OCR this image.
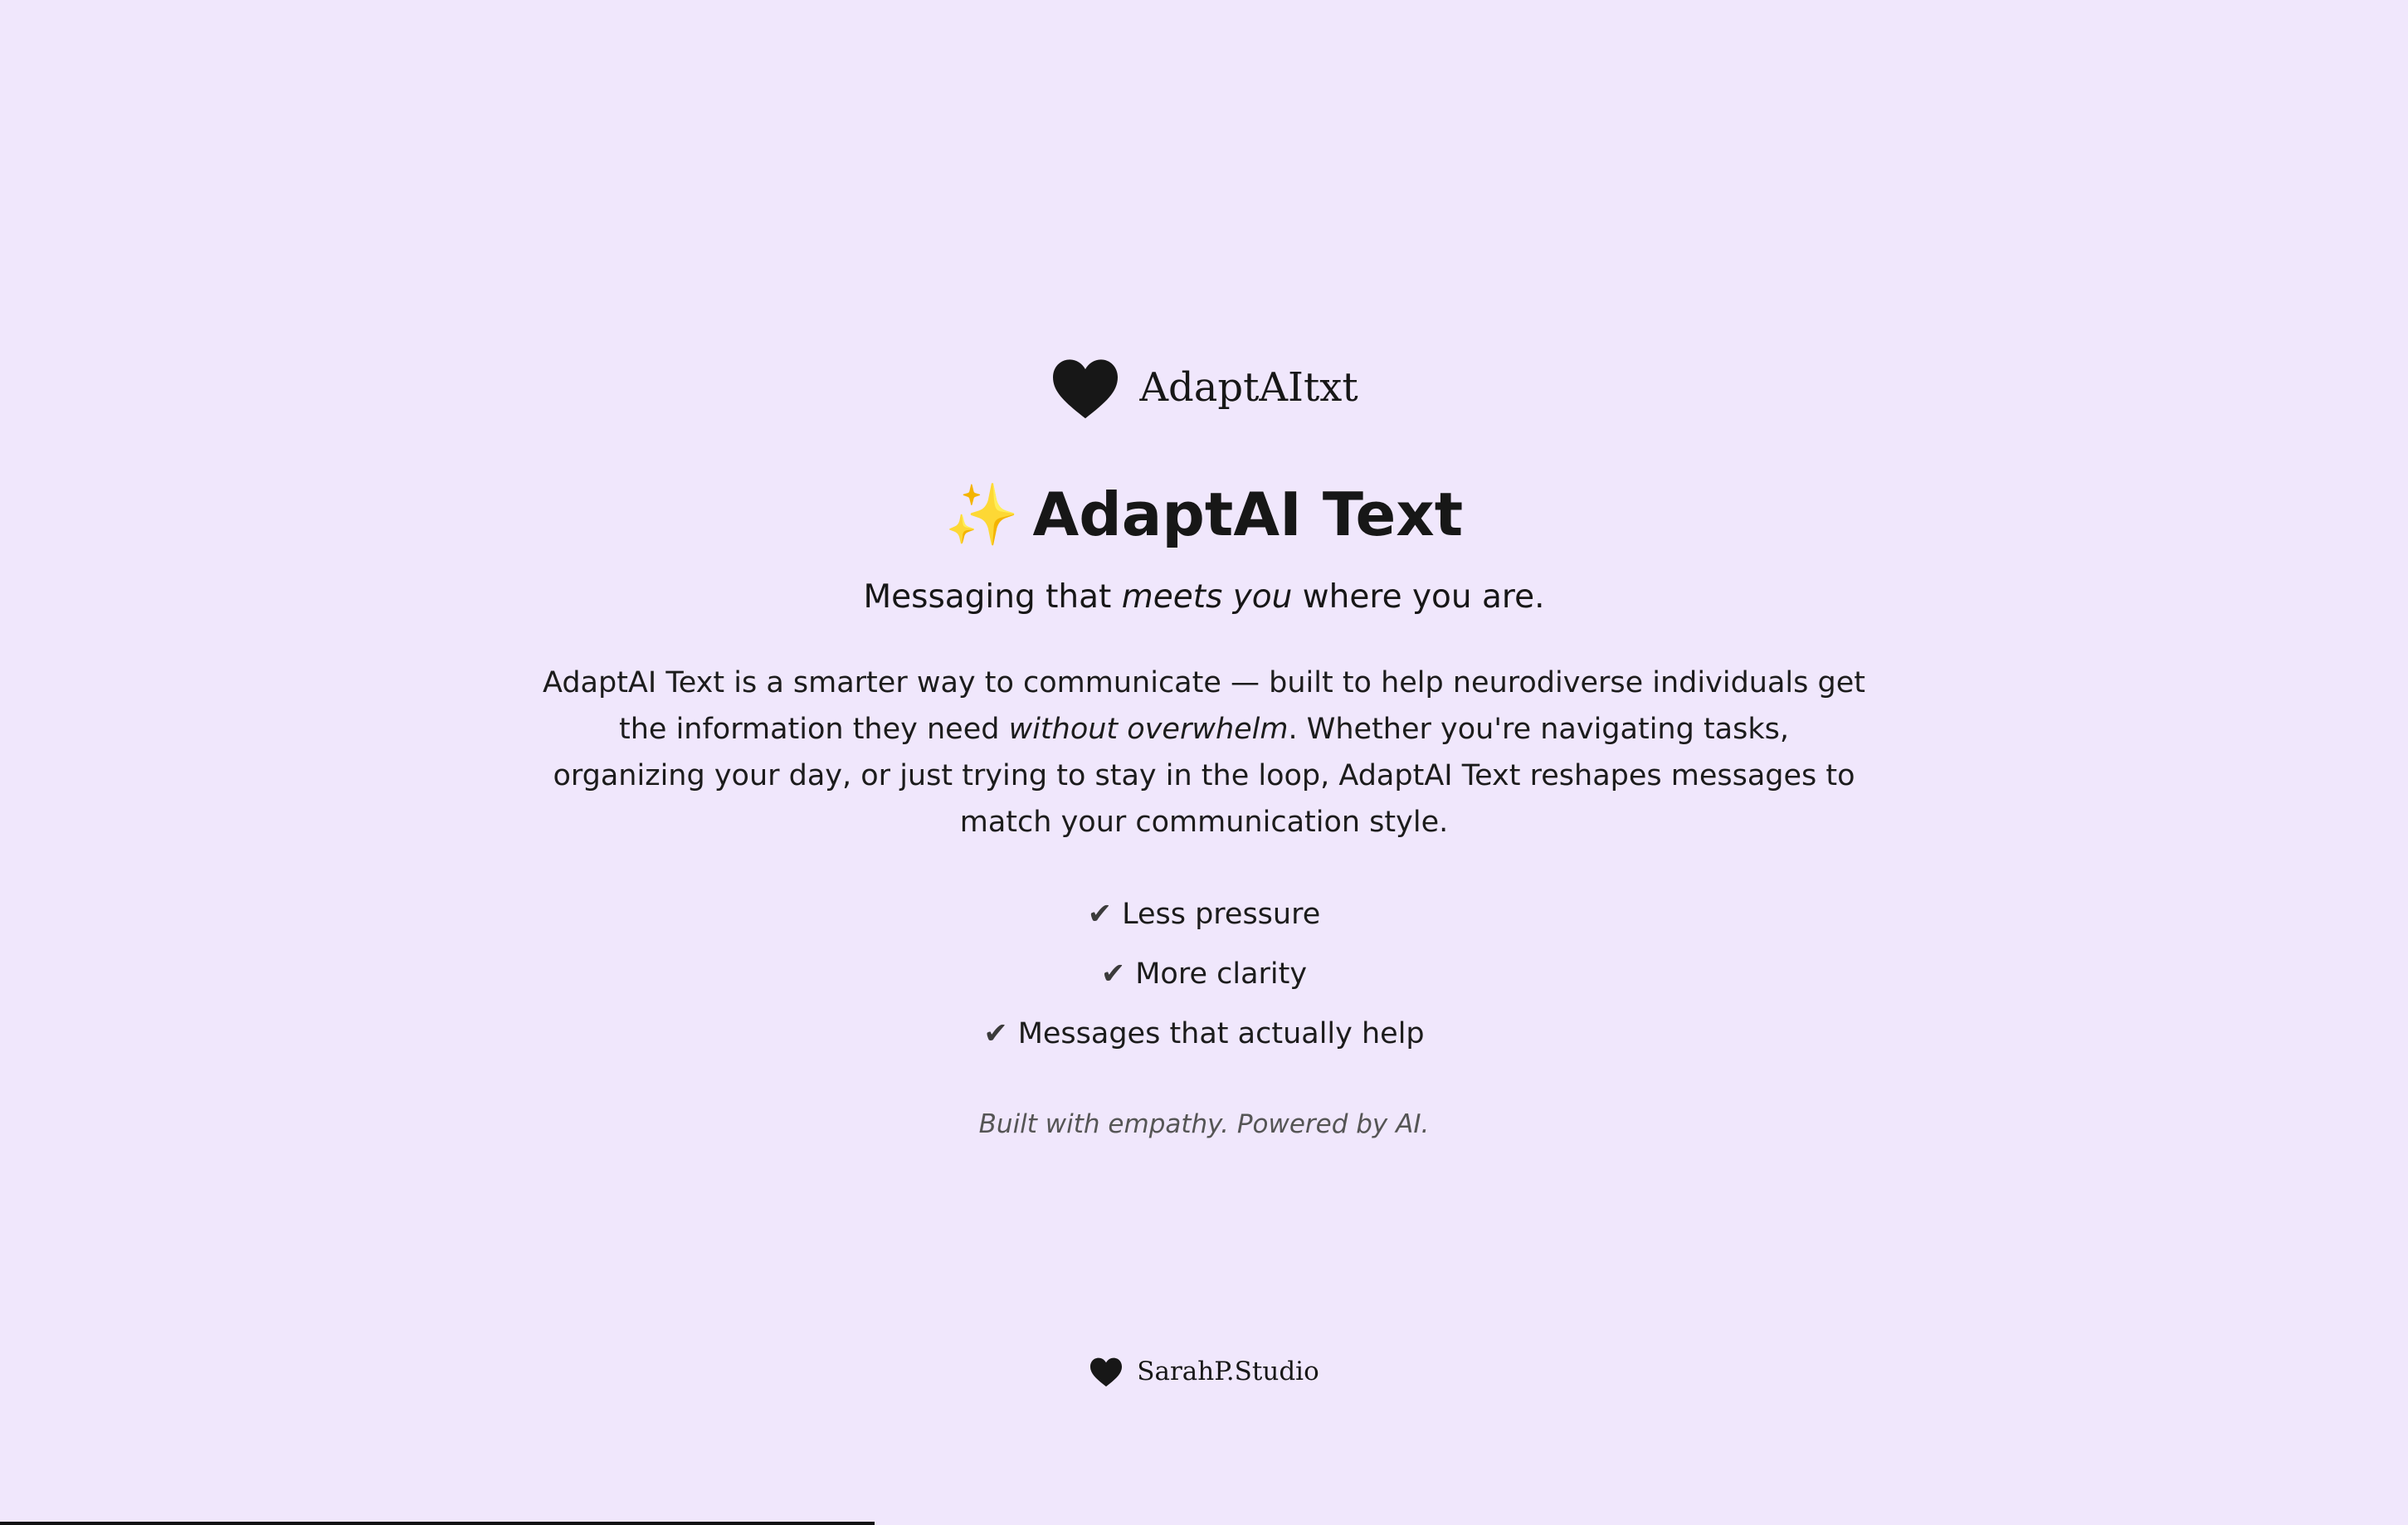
AdaptAItxt
✨ AdaptAI Text

Messaging that meets you where you are.

AdaptAI Text is a smarter way to communicate — built to help neurodiverse individuals get the information they need without overwhelm. Whether you're navigating tasks, organizing your day, or just trying to stay in the loop, AdaptAI Text reshapes messages to match your communication style.

✔ Less pressure
✔ More clarity
✔ Messages that actually help

Built with empathy. Powered by AI.

SarahP.Studio
